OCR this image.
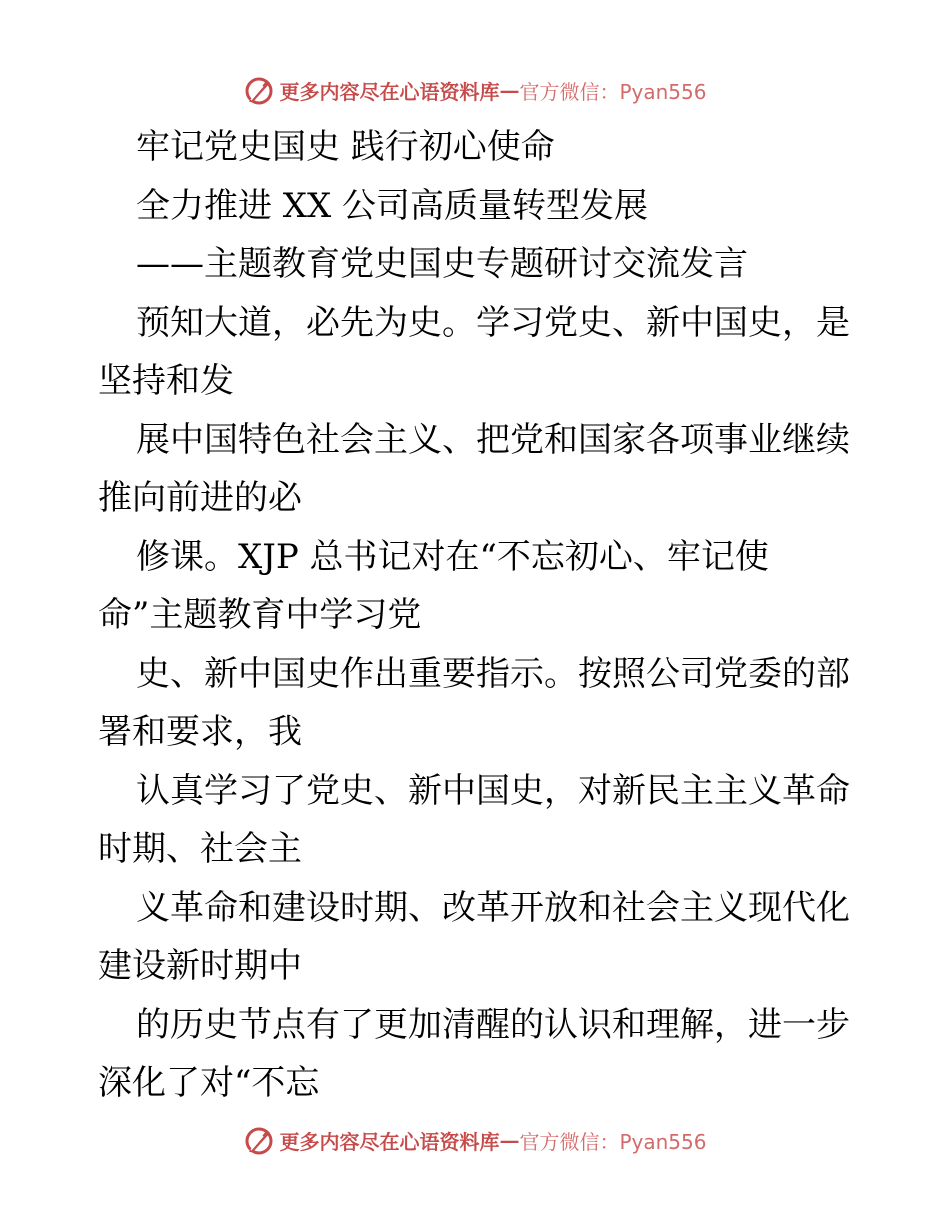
更多内容尽在心语资料库 — 官方微信：Pyan556
牢记党史国史 践行初心使命
全力推进 XX 公司高质量转型发展
——主题教育党史国史专题研讨交流发言
预知大道，必先为史。学习党史、新中国史，是
坚持和发
展中国特色社会主义、把党和国家各项事业继续
推向前进的必
修课。XJP 总书记对在“不忘初心、牢记使
命”主题教育中学习党
史、新中国史作出重要指示。按照公司党委的部
署和要求，我
认真学习了党史、新中国史，对新民主主义革命
时期、社会主
义革命和建设时期、改革开放和社会主义现代化
建设新时期中
的历史节点有了更加清醒的认识和理解，进一步
深化了对“不忘
更多内容尽在心语资料库 — 官方微信：Pyan556
